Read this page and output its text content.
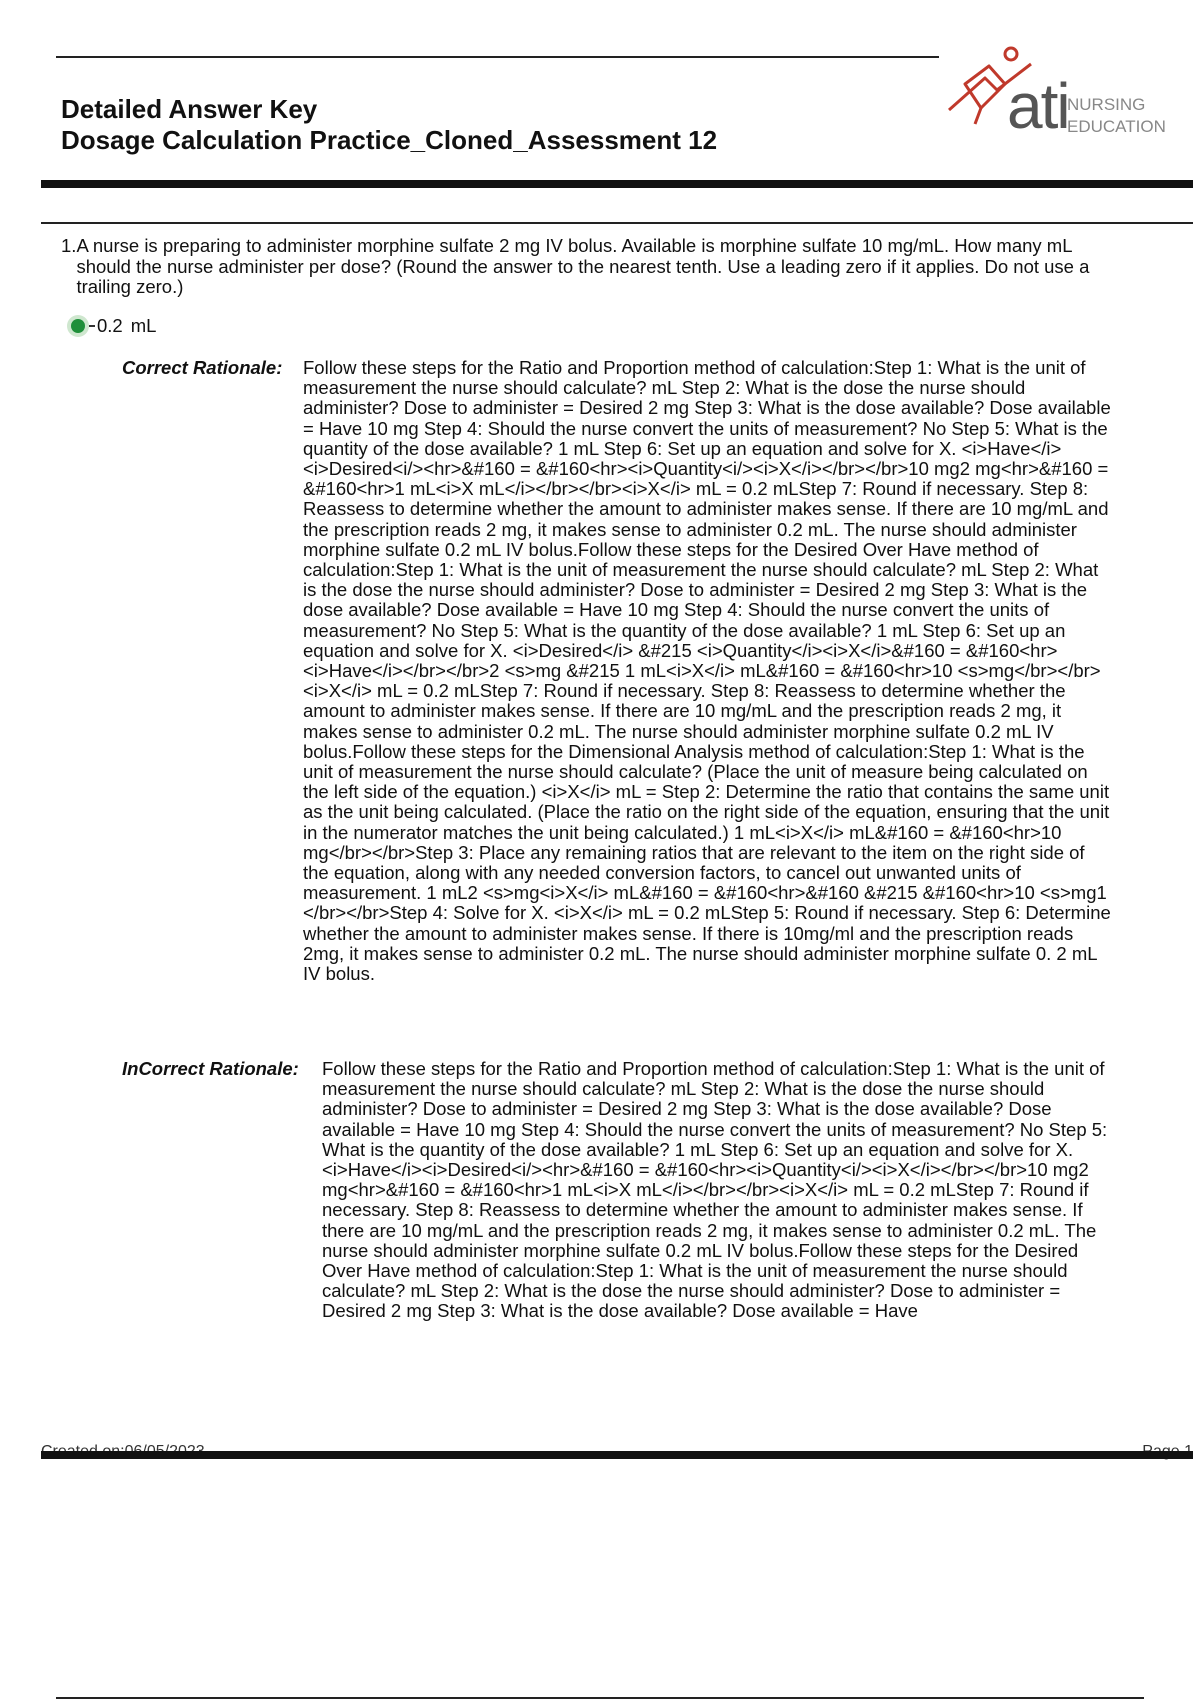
Detailed Answer Key
Dosage Calculation Practice_Cloned_Assessment 12	ati
NURSING
EDUCATION
1. A nurse is preparing to administer morphine sulfate 2 mg IV bolus. Available is morphine sulfate 10 mg/mL. How many mL should the nurse administer per dose? (Round the answer to the nearest tenth. Use a leading zero if it applies. Do not use a trailing zero.)
0.2 mL
Correct Rationale: Follow these steps for the Ratio and Proportion method of calculation:Step 1: What is the unit of measurement the nurse should calculate? mL Step 2: What is the dose the nurse should administer? Dose to administer = Desired 2 mg Step 3: What is the dose available? Dose available = Have 10 mg Step 4: Should the nurse convert the units of measurement? No Step 5: What is the quantity of the dose available? 1 mL Step 6: Set up an equation and solve for X. <i>Have</i><i>Desired<i/><hr>&#160 = &#160<hr><i>Quantity<i/><i>X</i></br></br>10 mg2 mg<hr>&#160 = &#160<hr>1 mL<i>X mL</i></br></br><i>X</i> mL = 0.2 mLStep 7: Round if necessary. Step 8: Reassess to determine whether the amount to administer makes sense. If there are 10 mg/mL and the prescription reads 2 mg, it makes sense to administer 0.2 mL. The nurse should administer morphine sulfate 0.2 mL IV bolus.Follow these steps for the Desired Over Have method of calculation:Step 1: What is the unit of measurement the nurse should calculate? mL Step 2: What is the dose the nurse should administer? Dose to administer = Desired 2 mg Step 3: What is the dose available? Dose available = Have 10 mg Step 4: Should the nurse convert the units of measurement? No Step 5: What is the quantity of the dose available? 1 mL Step 6: Set up an equation and solve for X. <i>Desired</i> &#215 <i>Quantity</i><i>X</i>&#160 = &#160<hr><i>Have</i></br></br>2 <s>mg &#215 1 mL<i>X</i> mL&#160 = &#160<hr>10 <s>mg</br></br><i>X</i> mL = 0.2 mLStep 7: Round if necessary. Step 8: Reassess to determine whether the amount to administer makes sense. If there are 10 mg/mL and the prescription reads 2 mg, it makes sense to administer 0.2 mL. The nurse should administer morphine sulfate 0.2 mL IV bolus.Follow these steps for the Dimensional Analysis method of calculation:Step 1: What is the unit of measurement the nurse should calculate? (Place the unit of measure being calculated on the left side of the equation.) <i>X</i> mL = Step 2: Determine the ratio that contains the same unit as the unit being calculated. (Place the ratio on the right side of the equation, ensuring that the unit in the numerator matches the unit being calculated.) 1 mL<i>X</i> mL&#160 = &#160<hr>10 mg</br></br>Step 3: Place any remaining ratios that are relevant to the item on the right side of the equation, along with any needed conversion factors, to cancel out unwanted units of measurement. 1 mL2 <s>mg<i>X</i> mL&#160 = &#160<hr>&#160 &#215 &#160<hr>10 <s>mg1 </br></br>Step 4: Solve for X. <i>X</i> mL = 0.2 mLStep 5: Round if necessary. Step 6: Determine whether the amount to administer makes sense. If there is 10mg/ml and the prescription reads 2mg, it makes sense to administer 0.2 mL. The nurse should administer morphine sulfate 0. 2 mL IV bolus.
InCorrect Rationale: Follow these steps for the Ratio and Proportion method of calculation:Step 1: What is the unit of measurement the nurse should calculate? mL Step 2: What is the dose the nurse should administer? Dose to administer = Desired 2 mg Step 3: What is the dose available? Dose available = Have 10 mg Step 4: Should the nurse convert the units of measurement? No Step 5: What is the quantity of the dose available? 1 mL Step 6: Set up an equation and solve for X. <i>Have</i><i>Desired<i/><hr>&#160 = &#160<hr><i>Quantity<i/><i>X</i></br></br>10 mg2 mg<hr>&#160 = &#160<hr>1 mL<i>X mL</i></br></br><i>X</i> mL = 0.2 mLStep 7: Round if necessary. Step 8: Reassess to determine whether the amount to administer makes sense. If there are 10 mg/mL and the prescription reads 2 mg, it makes sense to administer 0.2 mL. The nurse should administer morphine sulfate 0.2 mL IV bolus.Follow these steps for the Desired Over Have method of calculation:Step 1: What is the unit of measurement the nurse should calculate? mL Step 2: What is the dose the nurse should administer? Dose to administer = Desired 2 mg Step 3: What is the dose available? Dose available = Have
